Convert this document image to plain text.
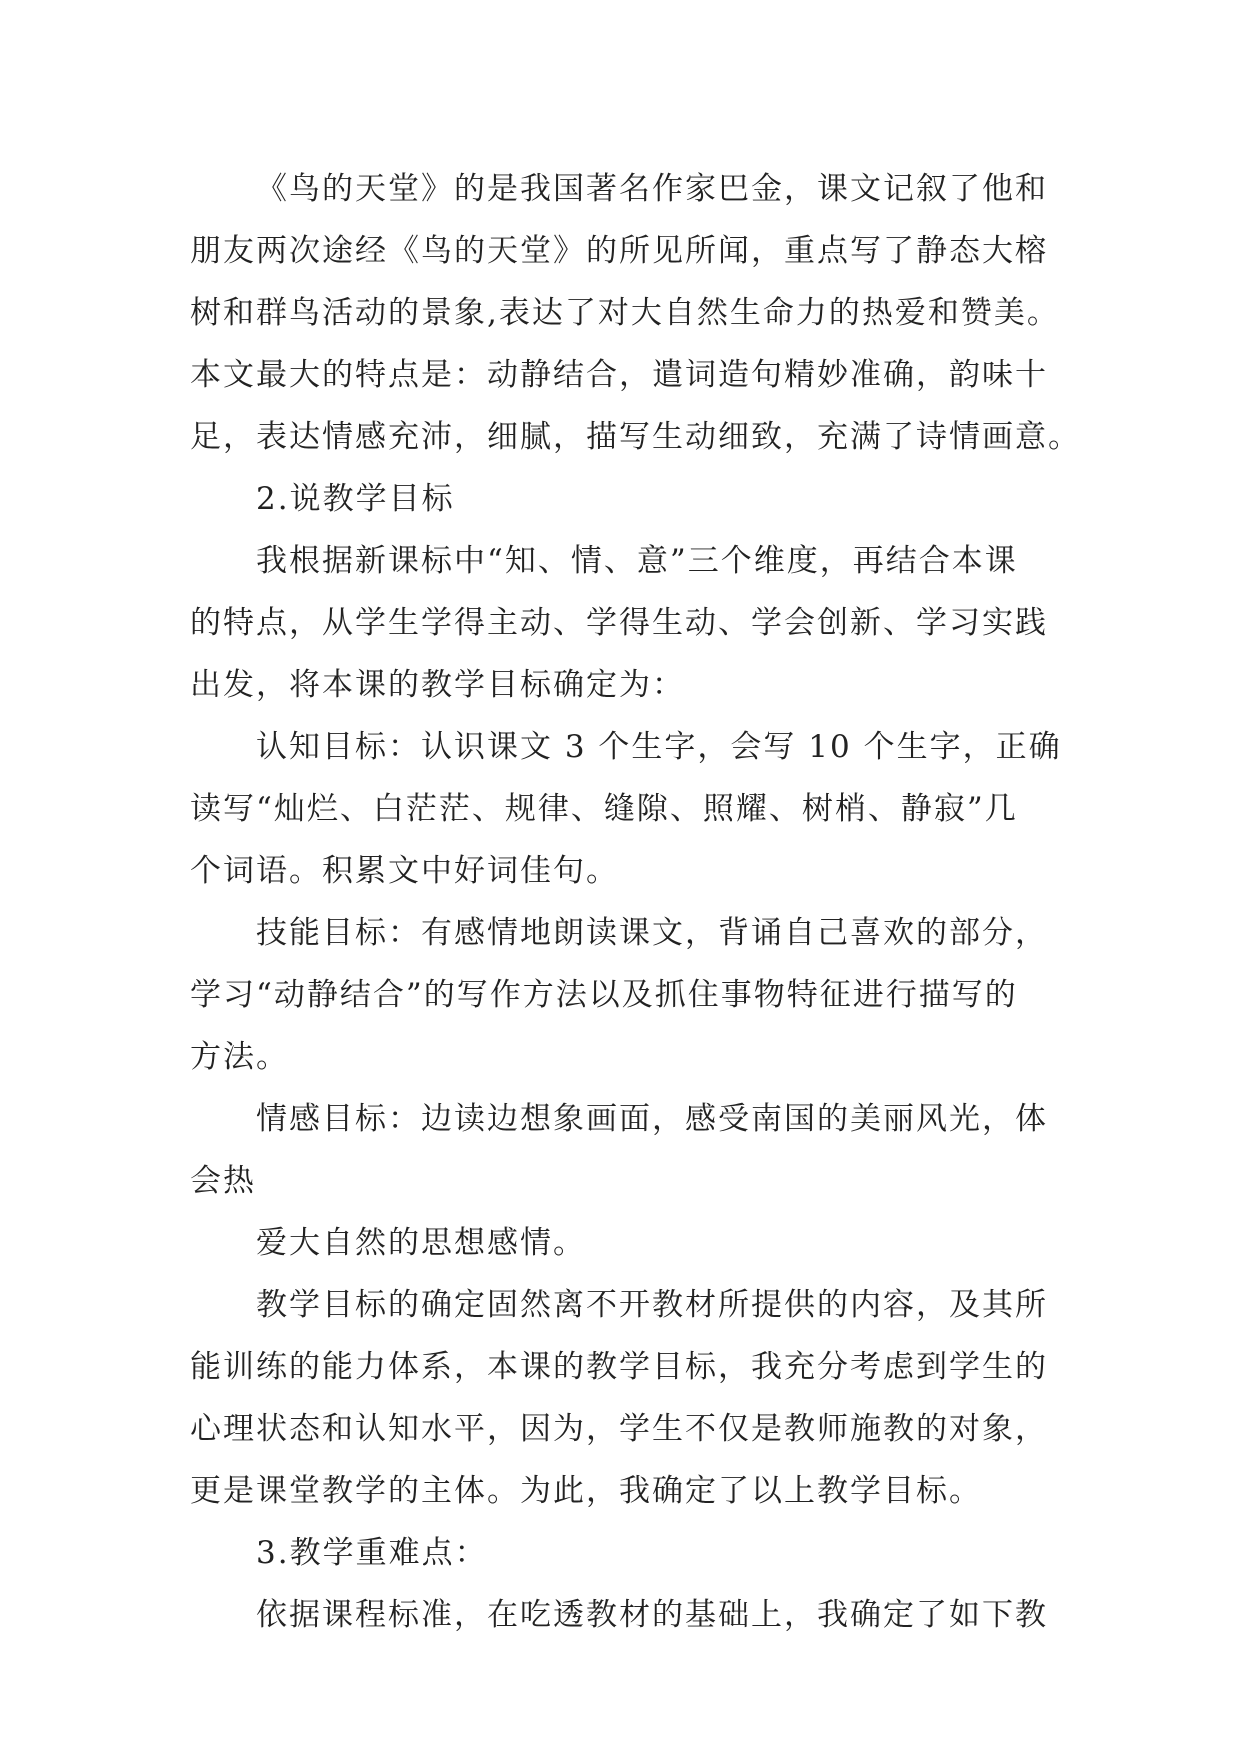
《鸟的天堂》的是我国著名作家巴金，课文记叙了他和
朋友两次途经《鸟的天堂》的所见所闻，重点写了静态大榕
树和群鸟活动的景象,表达了对大自然生命力的热爱和赞美。
本文最大的特点是：动静结合，遣词造句精妙准确，韵味十
足，表达情感充沛，细腻，描写生动细致，充满了诗情画意。
2.说教学目标
我根据新课标中“知、情、意”三个维度，再结合本课
的特点，从学生学得主动、学得生动、学会创新、学习实践
出发，将本课的教学目标确定为：
认知目标：认识课文 3 个生字，会写 10 个生字，正确
读写“灿烂、白茫茫、规律、缝隙、照耀、树梢、静寂”几
个词语。积累文中好词佳句。
技能目标：有感情地朗读课文，背诵自己喜欢的部分，
学习“动静结合”的写作方法以及抓住事物特征进行描写的
方法。
情感目标：边读边想象画面，感受南国的美丽风光，体
会热
爱大自然的思想感情。
教学目标的确定固然离不开教材所提供的内容，及其所
能训练的能力体系，本课的教学目标，我充分考虑到学生的
心理状态和认知水平，因为，学生不仅是教师施教的对象，
更是课堂教学的主体。为此，我确定了以上教学目标。
3.教学重难点：
依据课程标准，在吃透教材的基础上，我确定了如下教
